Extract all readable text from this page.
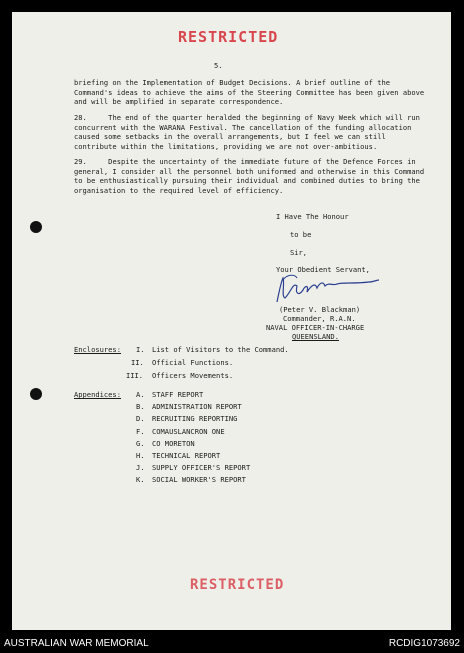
RESTRICTED
5.
briefing on the Implementation of Budget Decisions. A brief outline of the Command's ideas to achieve the aims of the Steering Committee has been given above and will be amplified in separate correspondence.
28.	The end of the quarter heralded the beginning of Navy Week which will run concurrent with the WARANA Festival. The cancellation of the funding allocation caused some setbacks in the overall arrangements, but I feel we can still contribute within the limitations, providing we are not over-ambitious.
29.	Despite the uncertainty of the immediate future of the Defence Forces in general, I consider all the personnel both uniformed and otherwise in this Command to be enthusiastically pursuing their individual and combined duties to bring the organisation to the required level of efficiency.
I Have The Honour
to be
Sir,
Your Obedient Servant,
(Peter V. Blackman)
Commander, R.A.N.
NAVAL OFFICER-IN-CHARGE
QUEENSLAND.
Enclosures: I. List of Visitors to the Command.
II. Official Functions.
III. Officers Movements.
Appendices: A. STAFF REPORT
B. ADMINISTRATION REPORT
D. RECRUITING REPORTING
F. COMAUSLANCRON ONE
G. CO MORETON
H. TECHNICAL REPORT
J. SUPPLY OFFICER'S REPORT
K. SOCIAL WORKER'S REPORT
RESTRICTED
AUSTRALIAN WAR MEMORIAL	RCDIG1073692
